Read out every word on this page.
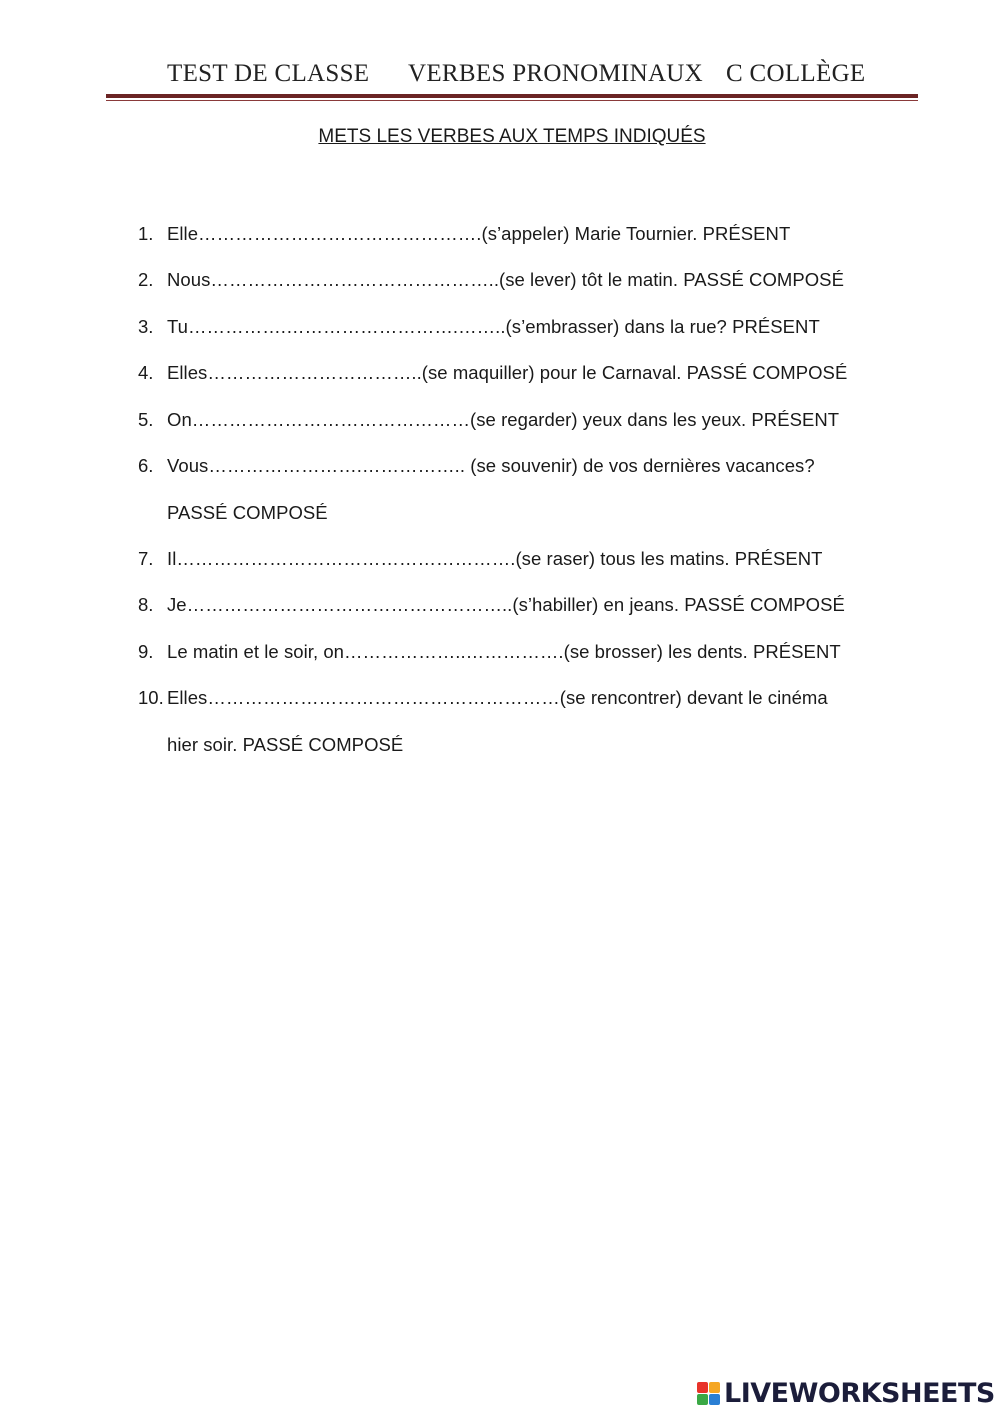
TEST DE CLASSE VERBES PRONOMINAUX C COLLÈGE
METS LES VERBES AUX TEMPS INDIQUÉS
1. Elle……………………………………….(s’appeler) Marie Tournier. PRÉSENT
2. Nous………………………………………..(se lever) tôt le matin. PASSÉ COMPOSÉ
3. Tu…………….……………………….……..(s’embrasser) dans la rue? PRÉSENT
4. Elles……………………………..(se maquiller) pour le Carnaval. PASSÉ COMPOSÉ
5. On………………………………………(se regarder) yeux dans les yeux. PRÉSENT
6. Vous…………………….…………….. (se souvenir) de vos dernières vacances?
PASSÉ COMPOSÉ
7. Il……………………………………………….(se raser) tous les matins. PRÉSENT
8. Je……………………………………………..(s’habiller) en jeans. PASSÉ COMPOSÉ
9. Le matin et le soir, on………………..…………….(se brosser) les dents. PRÉSENT
10. Elles…………………………………………………(se rencontrer) devant le cinéma
hier soir. PASSÉ COMPOSÉ
LIVEWORKSHEETS
